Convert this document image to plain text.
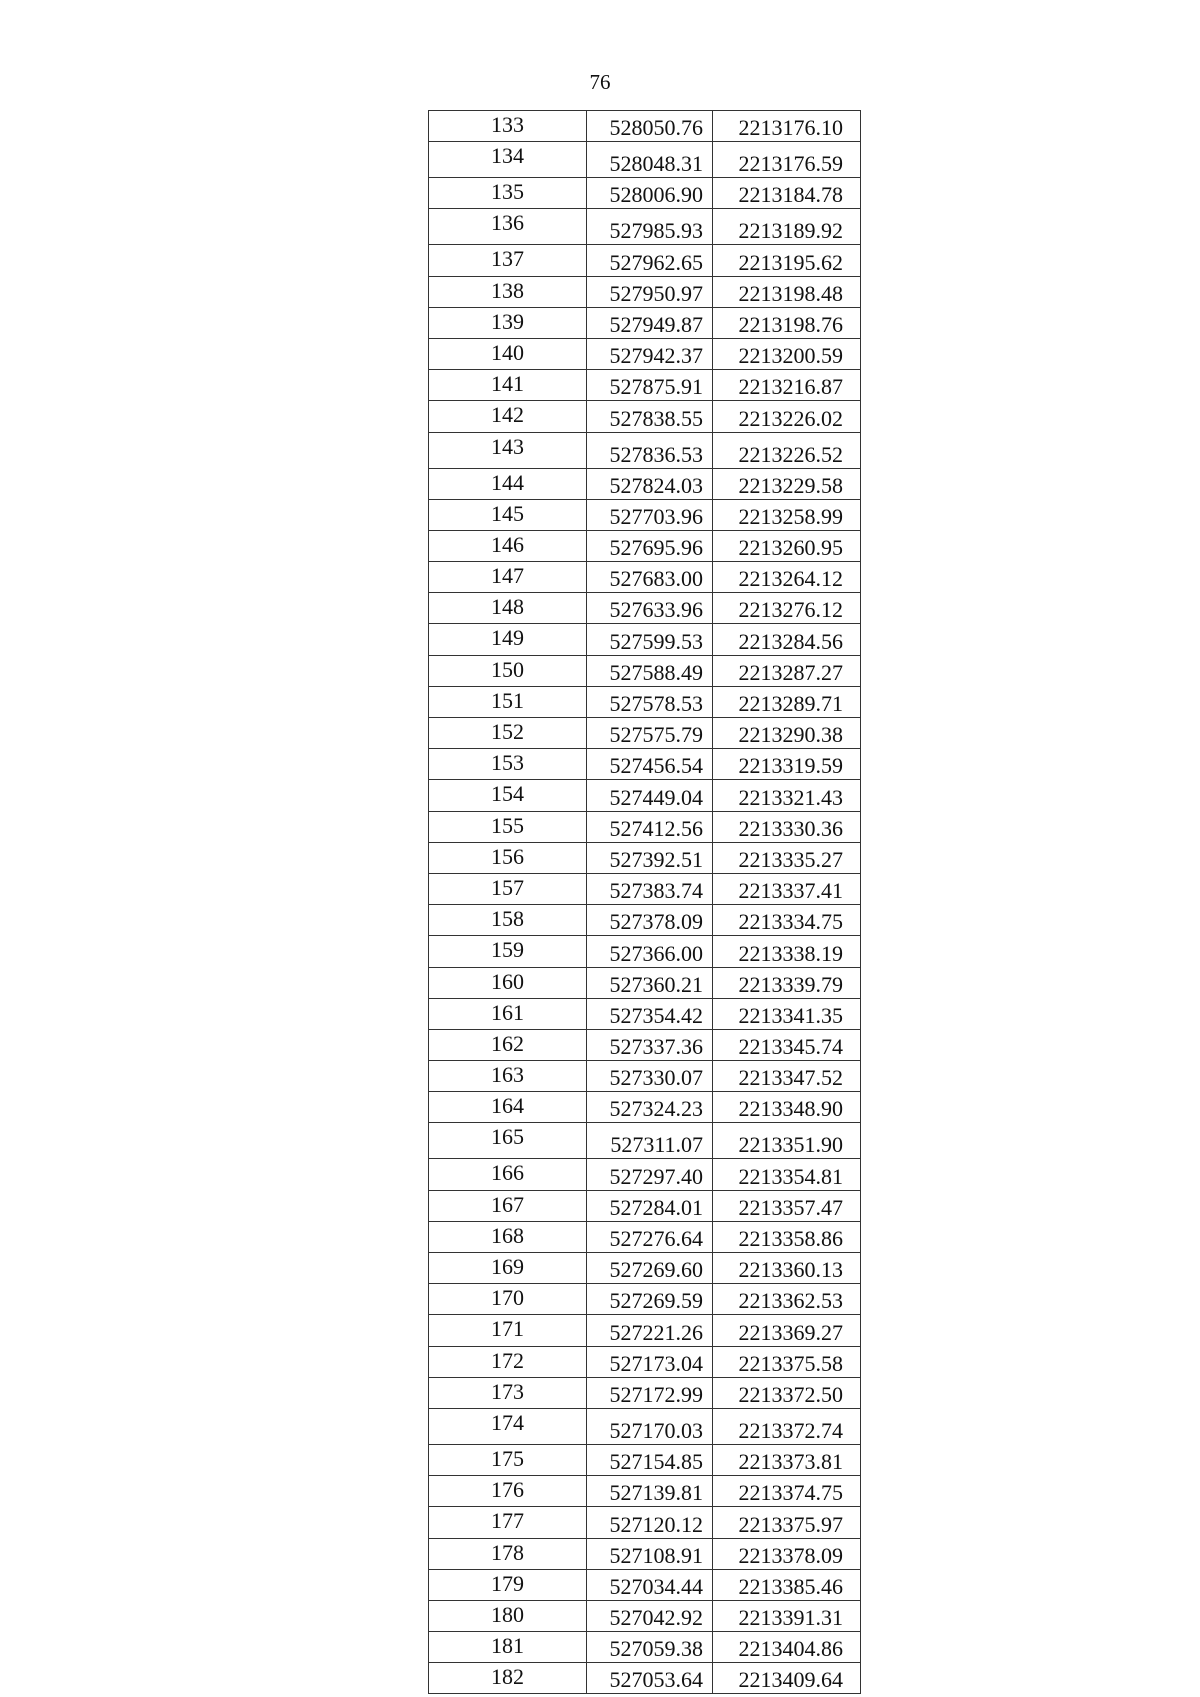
76
133	528050.76	2213176.10
134	528048.31	2213176.59
135	528006.90	2213184.78
136	527985.93	2213189.92
137	527962.65	2213195.62
138	527950.97	2213198.48
139	527949.87	2213198.76
140	527942.37	2213200.59
141	527875.91	2213216.87
142	527838.55	2213226.02
143	527836.53	2213226.52
144	527824.03	2213229.58
145	527703.96	2213258.99
146	527695.96	2213260.95
147	527683.00	2213264.12
148	527633.96	2213276.12
149	527599.53	2213284.56
150	527588.49	2213287.27
151	527578.53	2213289.71
152	527575.79	2213290.38
153	527456.54	2213319.59
154	527449.04	2213321.43
155	527412.56	2213330.36
156	527392.51	2213335.27
157	527383.74	2213337.41
158	527378.09	2213334.75
159	527366.00	2213338.19
160	527360.21	2213339.79
161	527354.42	2213341.35
162	527337.36	2213345.74
163	527330.07	2213347.52
164	527324.23	2213348.90
165	527311.07	2213351.90
166	527297.40	2213354.81
167	527284.01	2213357.47
168	527276.64	2213358.86
169	527269.60	2213360.13
170	527269.59	2213362.53
171	527221.26	2213369.27
172	527173.04	2213375.58
173	527172.99	2213372.50
174	527170.03	2213372.74
175	527154.85	2213373.81
176	527139.81	2213374.75
177	527120.12	2213375.97
178	527108.91	2213378.09
179	527034.44	2213385.46
180	527042.92	2213391.31
181	527059.38	2213404.86
182	527053.64	2213409.64
